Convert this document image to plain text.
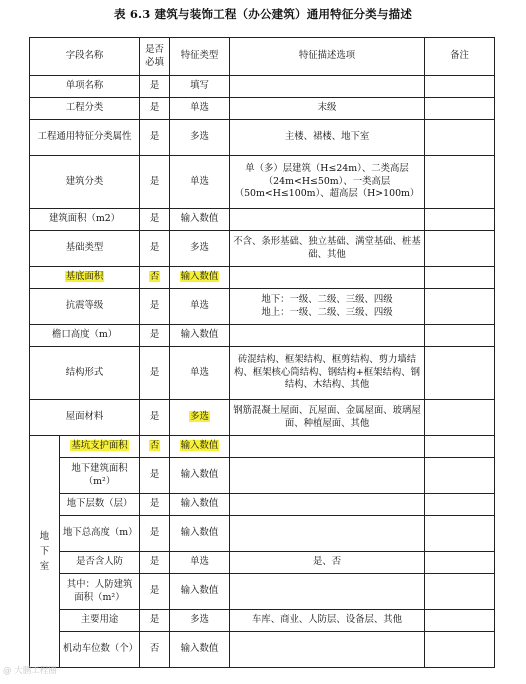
表 6.3 建筑与装饰工程（办公建筑）通用特征分类与描述
字段名称		是否必填	特征类型	特征描述选项	备注
单项名称		是	填写		
工程分类		是	单选	末级	
工程通用特征分类属性		是	多选	主楼、裙楼、地下室	
建筑分类		是	单选	单（多）层建筑（H≤24m）、二类高层（24m<H≤50m）、一类高层（50m<H≤100m）、超高层（H>100m）	
建筑面积（m2）		是	输入数值		
基础类型		是	多选	不含、条形基础、独立基础、满堂基础、桩基础、其他	
基底面积		否	输入数值		
抗震等级		是	单选	地下：一级、二级、三级、四级
地上：一级、二级、三级、四级	

檐口高度（m）		是	输入数值		
结构形式		是	单选	砖混结构、框架结构、框剪结构、剪力墙结构、框架核心筒结构、钢结构+框架结构、钢结构、木结构、其他	
屋面材料		是	多选	钢筋混凝土屋面、瓦屋面、金属屋面、玻璃屋面、种植屋面、其他	

地下室	基坑支护面积	否	输入数值		
	地下建筑面积（m²）	是	输入数值		
	地下层数（层）	是	输入数值		
	地下总高度（m）	是	输入数值		
	是否含人防	是	单选	是、否	
	其中：人防建筑面积（m²）	是	输入数值		
	主要用途	是	多选	车库、商业、人防层、设备层、其他	
	机动车位数（个）	否	输入数值		
@ 大鹏工程圈
